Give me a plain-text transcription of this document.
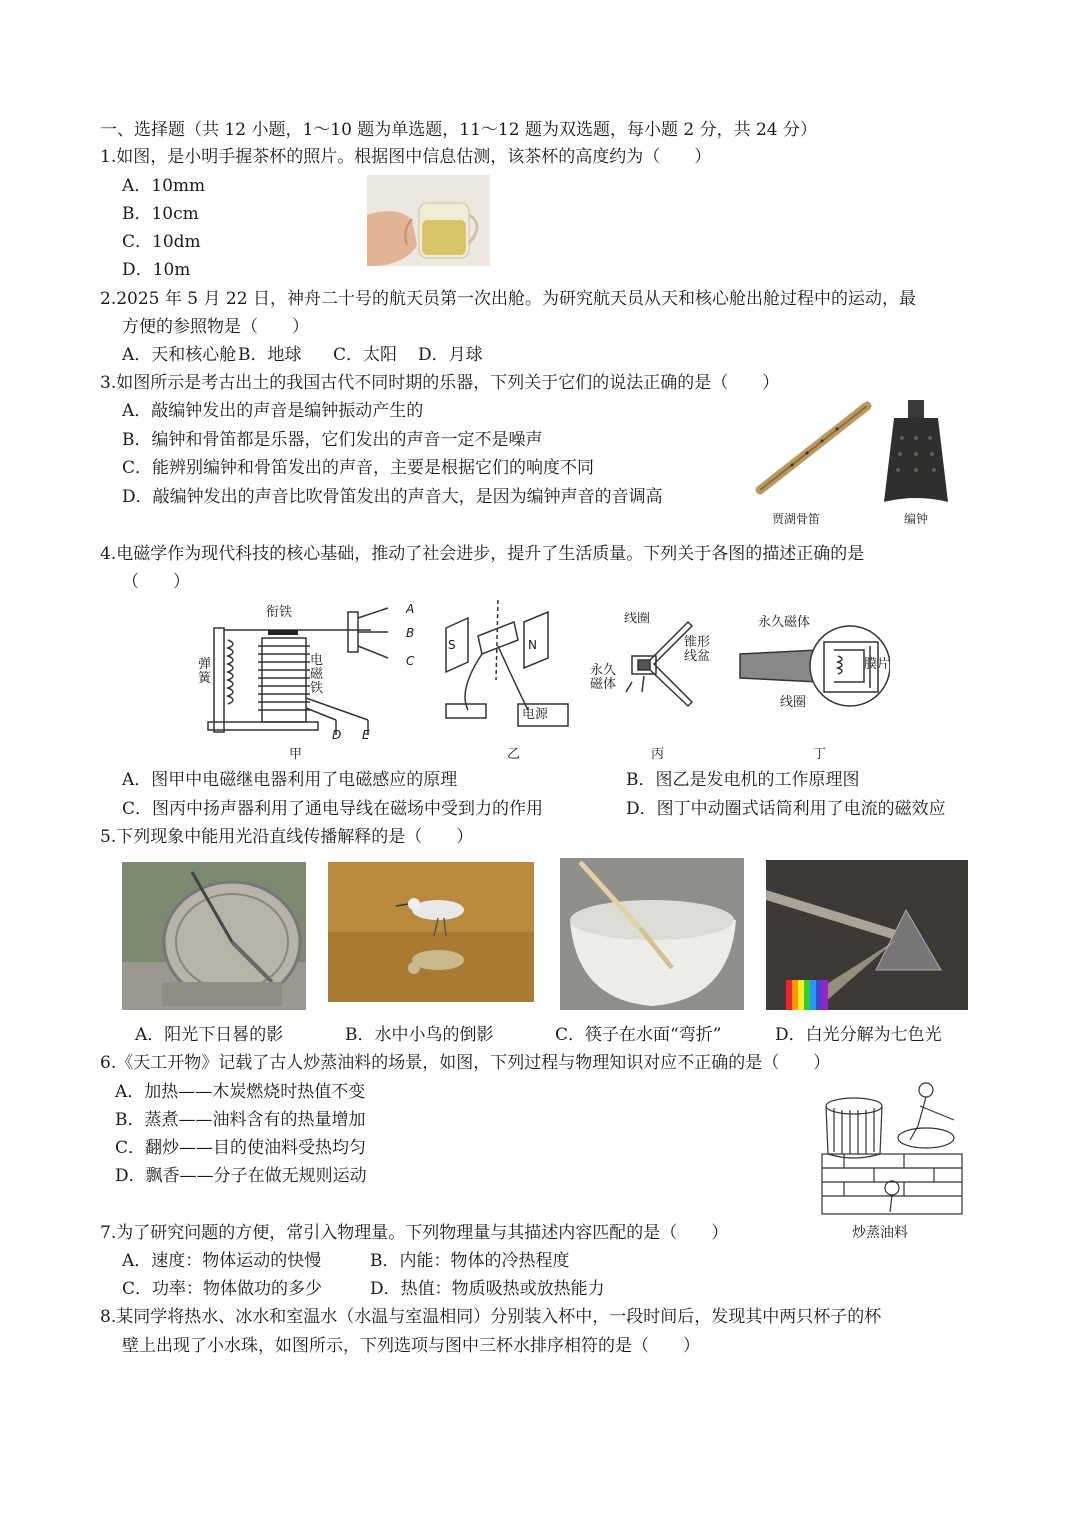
一、选择题（共 12 小题，1～10 题为单选题，11～12 题为双选题，每小题 2 分，共 24 分）
1.如图，是小明手握茶杯的照片。根据图中信息估测，该茶杯的高度约为（　　）
A．10mm
B．10cm
C．10dm
D．10m
2.2025 年 5 月 22 日，神舟二十号的航天员第一次出舱。为研究航天员从天和核心舱出舱过程中的运动，最
方便的参照物是（　　）
A．天和核心舱 B．地球 C．太阳 D．月球
3.如图所示是考古出土的我国古代不同时期的乐器，下列关于它们的说法正确的是（　　）
A．敲编钟发出的声音是编钟振动产生的
B．编钟和骨笛都是乐器，它们发出的声音一定不是噪声
C．能辨别编钟和骨笛发出的声音，主要是根据它们的响度不同
D．敲编钟发出的声音比吹骨笛发出的声音大，是因为编钟声音的音调高
贾湖骨笛	编钟
4.电磁学作为现代科技的核心基础，推动了社会进步，提升了生活质量。下列关于各图的描述正确的是
（　　）
衔铁
弹簧
电磁铁
A
B
C
D E
甲
S	N
电源
乙
线圈
锥形线盆
永久磁体
丙
永久磁体
膜片
线圈
丁
A．图甲中电磁继电器利用了电磁感应的原理	B．图乙是发电机的工作原理图
C．图丙中扬声器利用了通电导线在磁场中受到力的作用	D．图丁中动圈式话筒利用了电流的磁效应
5.下列现象中能用光沿直线传播解释的是（　　）
A．阳光下日晷的影	B．水中小鸟的倒影	C．筷子在水面“弯折”	D．白光分解为七色光
6.《天工开物》记载了古人炒蒸油料的场景，如图，下列过程与物理知识对应不正确的是（　　）
A．加热——木炭燃烧时热值不变
B．蒸煮——油料含有的热量增加
C．翻炒——目的使油料受热均匀
D．飘香——分子在做无规则运动
炒蒸油料
7.为了研究问题的方便，常引入物理量。下列物理量与其描述内容匹配的是（　　）
A．速度：物体运动的快慢	B．内能：物体的冷热程度
C．功率：物体做功的多少	D．热值：物质吸热或放热能力
8.某同学将热水、冰水和室温水（水温与室温相同）分别装入杯中，一段时间后，发现其中两只杯子的杯
壁上出现了小水珠，如图所示，下列选项与图中三杯水排序相符的是（　　）
